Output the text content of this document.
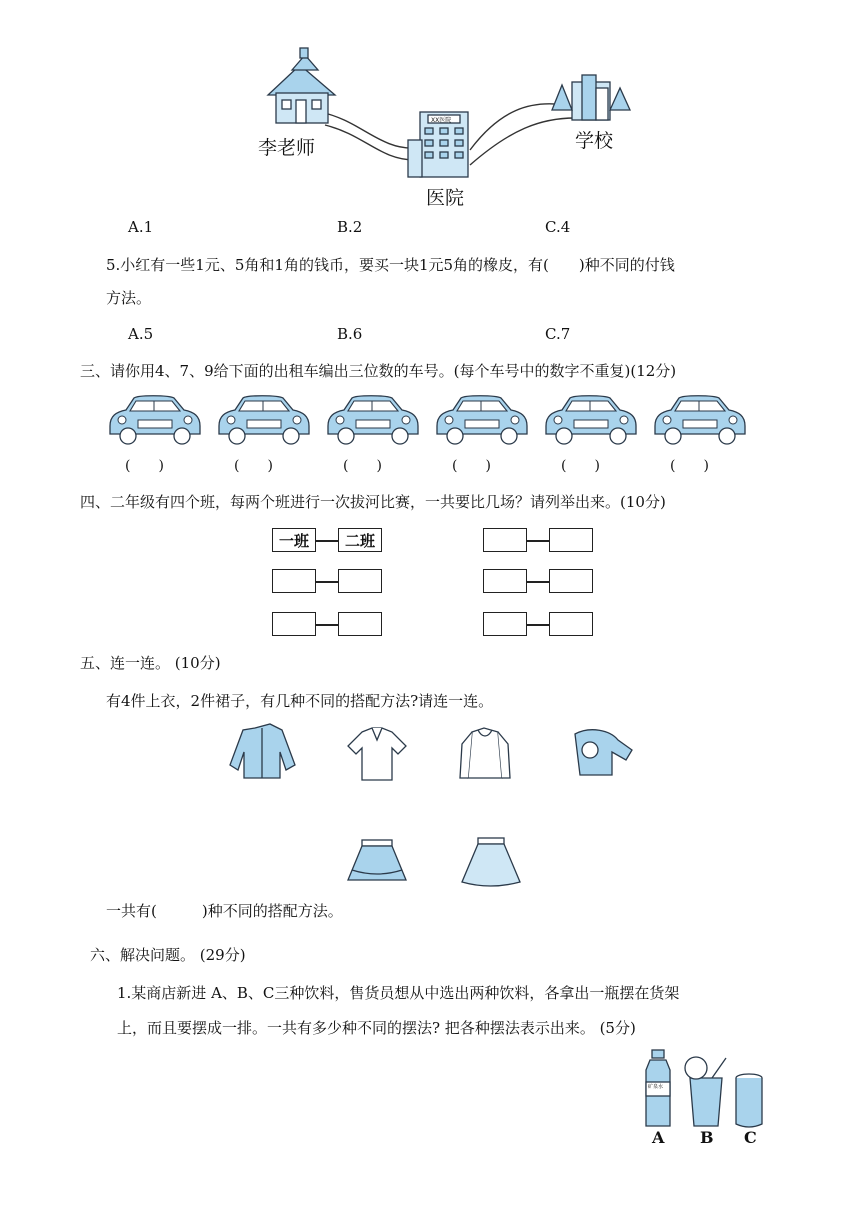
李老师
医院
学校
XX医院
A.1	B.2	C.4
5.小红有一些1元、5角和1角的钱币，要买一块1元5角的橡皮，有(　　)种不同的付钱
方法。
A.5	B.6	C.7
三、请你用4、7、9给下面的出租车编出三位数的车号。(每个车号中的数字不重复)(12分)
(　　)	(　　)	(　　)	(　　)	(　　)	(　　)
四、二年级有四个班，每两个班进行一次拔河比赛，一共要比几场？请列举出来。(10分)
一班	二班
五、连一连。 (10分)
有4件上衣，2件裙子，有几种不同的搭配方法?请连一连。
一共有(　　　)种不同的搭配方法。
六、解决问题。 (29分)
1.某商店新进 A、B、C三种饮料，售货员想从中选出两种饮料，各拿出一瓶摆在货架
上，而且要摆成一排。一共有多少种不同的摆法? 把各种摆法表示出来。 (5分)
矿泉水
A B C
